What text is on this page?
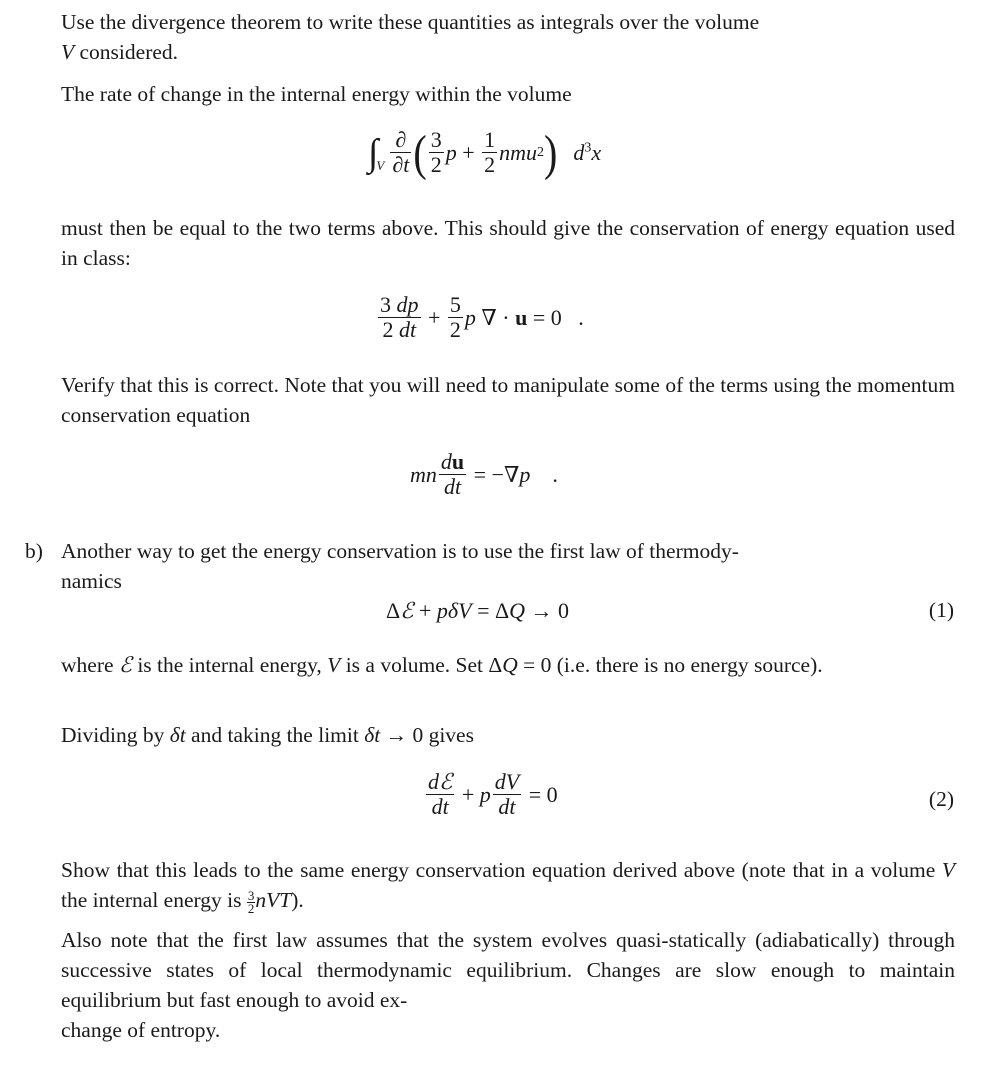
Use the divergence theorem to write these quantities as integrals over the volume
V considered.
The rate of change in the internal energy within the volume
∫
V $\frac{\partial}{\partial t}$ ( $\frac{3}{2}$ $p + \frac{1}{2}$ nmu 2 ) $d^3x$
must then be equal to the two terms above. This should give the conservation of energy equation used in class:
$\frac{3 dp}{2 dt} + \frac{5}{2}$ p ∇ · u = 0   .
Verify that this is correct. Note that you will need to manipulate some of the terms using the momentum conservation equation
mn $\frac{du}{dt}$ = −∇ p .
b) Another way to get the energy conservation is to use the first law of thermody-
namics
Δℰ + pδV = ΔQ → 0	(1)
where ℰ is the internal energy, V is a volume. Set ΔQ = 0 (i.e. there is no energy source).
Dividing by δt and taking the limit δt → 0 gives
$\frac{\text{dℰ}}{dt} + p \frac{dV}{dt} = 0$	(2)
Show that this leads to the same energy conservation equation derived above (note that in a volume V the internal energy is $\frac{3}{2} nVT$).
Also note that the first law assumes that the system evolves quasi-statically (adiabatically) through successive states of local thermodynamic equilibrium. Changes are slow enough to maintain equilibrium but fast enough to avoid ex-
change of entropy.
